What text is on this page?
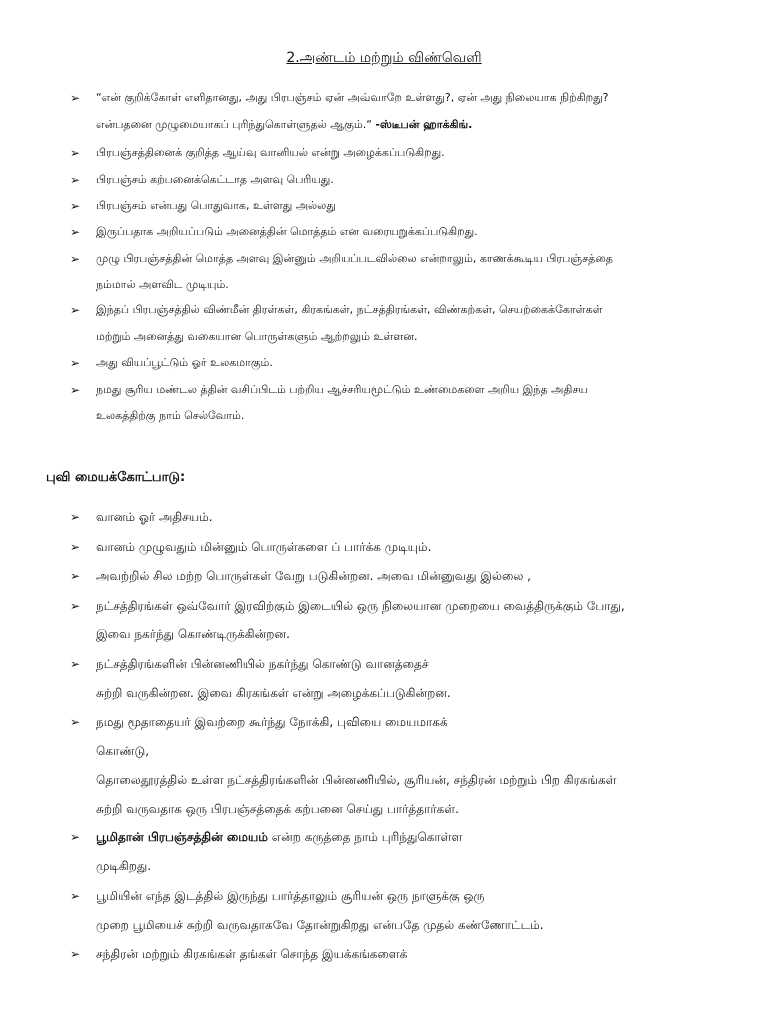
2.அண்டம் மற்றும் விண்வெளி
➢	“என் குறிக்கோள் எளிதானது, அது பிரபஞ்சம் ஏன் அவ்வாறே உள்ளது?, ஏன் அது நிலையாக நிற்கிறது?
என்பதனை முழுமையாகப் புரிந்துகொள்ளுதல் ஆகும்.“ -ஸ்டீபன் ஹாக்கிங்.
➢	பிரபஞ்சத்தினைக் குறித்த ஆய்வு வானியல் என்று அழைக்கப்படுகிறது.
➢	பிரபஞ்சம் கற்பனைக்கெட்டாத அளவு பெரியது.
➢	பிரபஞ்சம் என்பது பொதுவாக, உள்ளது அல்லது
➢	இருப்பதாக அறியப்படும் அனைத்தின் மொத்தம் என வரையறுக்கப்படுகிறது.
➢	முழு பிரபஞ்சத்தின் மொத்த அளவு இன்னும் அறியப்படவில்லை என்றாலும், காணக்கூடிய பிரபஞ்சத்தை
நம்மால் அளவிட முடியும்.
➢	இந்தப் பிரபஞ்சத்தில் விண்மீன் திரள்கள், கிரகங்கள், நட்சத்திரங்கள், விண்கற்கள், செயற்கைக்கோள்கள்
மற்றும் அனைத்து வகையான பொருள்களும் ஆற்றலும் உள்ளன.
➢	அது வியப்பூட்டும் ஓர் உலகமாகும்.
➢	நமது சூரிய மண்டல த்தின் வசிப்பிடம் பற்றிய ஆச்சரியமூட்டும் உண்மைகளை அறிய இந்த அதிசய
உலகத்திற்கு நாம் செல்வோம்.
புவி மையக்கோட்பாடு:
➢	வானம் ஓர் அதிசயம்.
➢	வானம் முழுவதும் மின்னும் பொருள்களை ப் பார்க்க முடியும்.
➢	அவற்றில் சில மற்ற பொருள்கள் வேறு படுகின்றன. அவை மின்னுவது இல்லை ,
➢	நட்சத்திரங்கள் ஒவ்வோர் இரவிற்கும் இடையில் ஒரு நிலையான முறையை வைத்திருக்கும் போது,
இவை நகர்ந்து கொண்டிருக்கின்றன.
➢	நட்சத்திரங்களின் பின்னணியில் நகர்ந்து கொண்டு வானத்தைச்
சுற்றி வருகின்றன. இவை கிரகங்கள் என்று அழைக்கப்படுகின்றன.
➢	நமது மூதாதையர் இவற்றை கூர்ந்து நோக்கி, புவியை மையமாகக்
கொண்டு,
தொலைதூரத்தில் உள்ள நட்சத்திரங்களின் பின்னணியில், சூரியன், சந்திரன் மற்றும் பிற கிரகங்கள்
சுற்றி வருவதாக ஒரு பிரபஞ்சத்தைக் கற்பனை செய்து பார்த்தார்கள்.
➢	பூமிதான் பிரபஞ்சத்தின் மையம் என்ற கருத்தை நாம் புரிந்துகொள்ள
முடிகிறது.
➢	பூமியின் எந்த இடத்தில் இருந்து பார்த்தாலும் சூரியன் ஒரு நாளுக்கு ஒரு
முறை பூமியைச் சுற்றி வருவதாகவே தோன்றுகிறது என்பதே முதல் கண்ணோட்டம்.
➢	சந்திரன் மற்றும் கிரகங்கள் தங்கள் சொந்த இயக்கங்களைக்
